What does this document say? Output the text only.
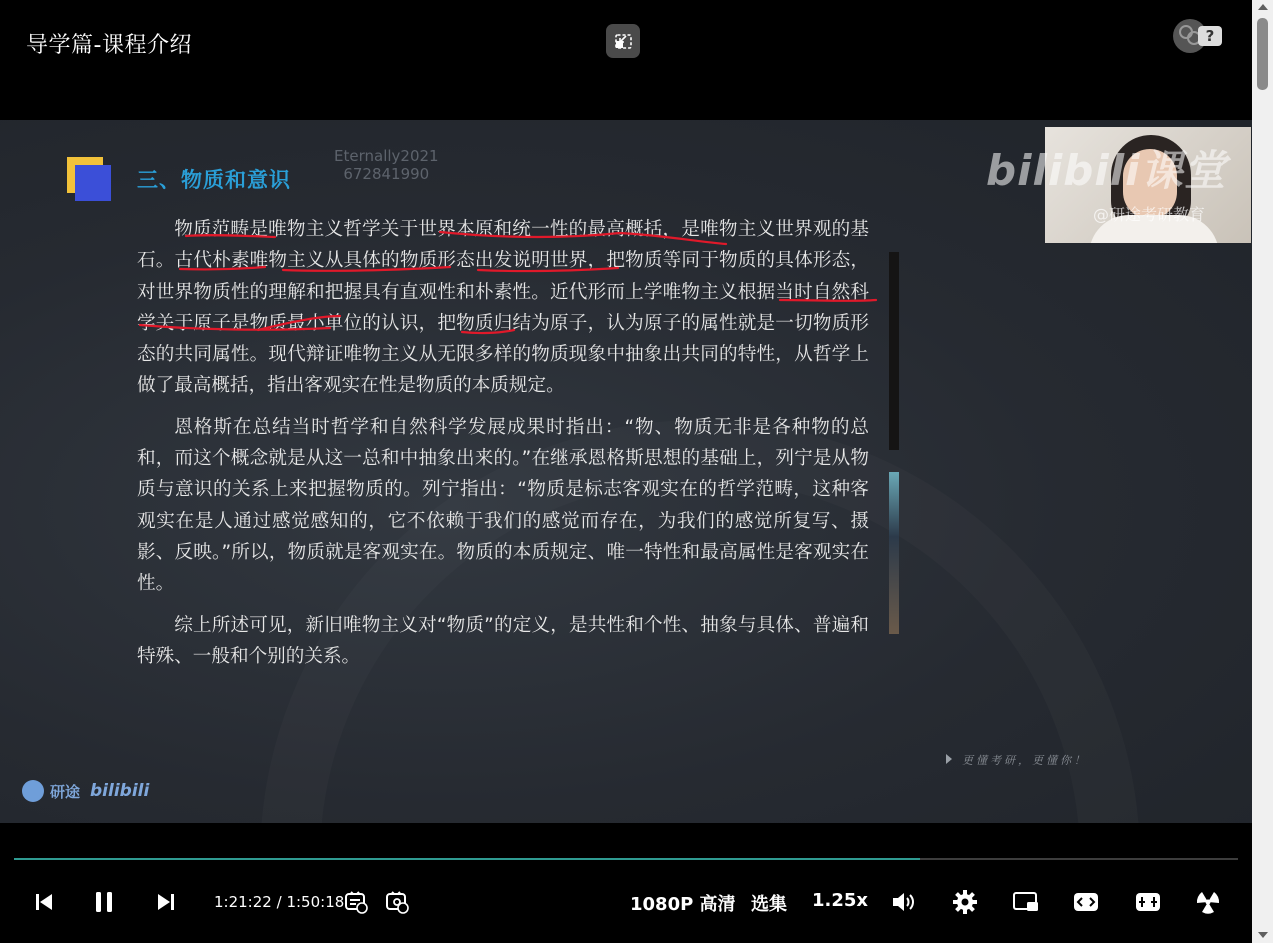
导学篇-课程介绍	?
三、物质和意识
Eternally2021
672841990

物质范畴是唯物主义哲学关于世界本原和统一性的最高概括，是唯物主义世界观的基石。古代朴素唯物主义从具体的物质形态出发说明世界，把物质等同于物质的具体形态，对世界物质性的理解和把握具有直观性和朴素性。近代形而上学唯物主义根据当时自然科学关于原子是物质最小单位的认识，把物质归结为原子，认为原子的属性就是一切物质形态的共同属性。现代辩证唯物主义从无限多样的物质现象中抽象出共同的特性，从哲学上做了最高概括，指出客观实在性是物质的本质规定。

恩格斯在总结当时哲学和自然科学发展成果时指出：“物、物质无非是各种物的总和，而这个概念就是从这一总和中抽象出来的。”在继承恩格斯思想的基础上，列宁是从物质与意识的关系上来把握物质的。列宁指出：“物质是标志客观实在的哲学范畴，这种客观实在是人通过感觉感知的，它不依赖于我们的感觉而存在，为我们的感觉所复写、摄影、反映。”所以，物质就是客观实在。物质的本质规定、唯一特性和最高属性是客观实在性。

综上所述可见，新旧唯物主义对“物质”的定义，是共性和个性、抽象与具体、普遍和特殊、一般和个别的关系。

bilibili课堂
@研途考研教育
更懂考研，更懂你！
研途 bilibili
1:21:22 / 1:50:18	1080P 高清 选集 1.25x
